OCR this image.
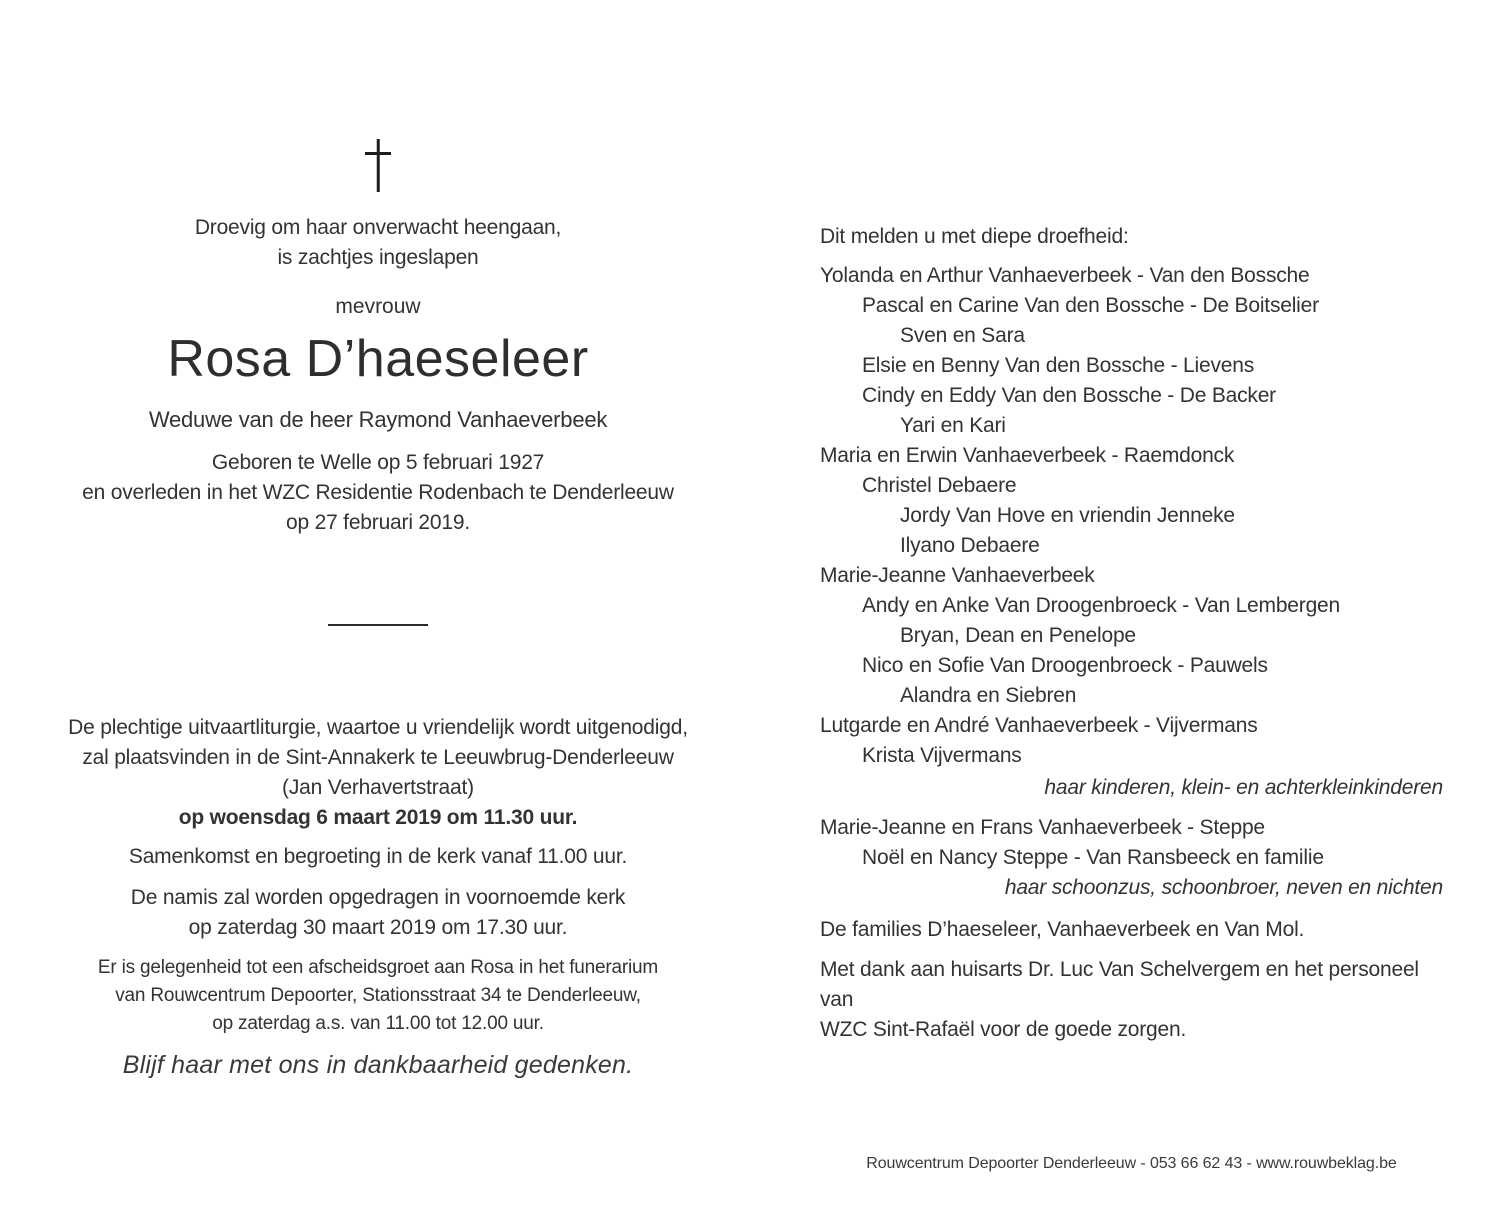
Droevig om haar onverwacht heengaan,
is zachtjes ingeslapen
mevrouw
Rosa D’haeseleer
Weduwe van de heer Raymond Vanhaeverbeek
Geboren te Welle op 5 februari 1927
en overleden in het WZC Residentie Rodenbach te Denderleeuw
op 27 februari 2019.
De plechtige uitvaartliturgie, waartoe u vriendelijk wordt uitgenodigd,
zal plaatsvinden in de Sint-Annakerk te Leeuwbrug-Denderleeuw
(Jan Verhavertstraat)
op woensdag 6 maart 2019 om 11.30 uur.
Samenkomst en begroeting in de kerk vanaf 11.00 uur.
De namis zal worden opgedragen in voornoemde kerk
op zaterdag 30 maart 2019 om 17.30 uur.
Er is gelegenheid tot een afscheidsgroet aan Rosa in het funerarium
van Rouwcentrum Depoorter, Stationsstraat 34 te Denderleeuw,
op zaterdag a.s. van 11.00 tot 12.00 uur.
Blijf haar met ons in dankbaarheid gedenken.
Dit melden u met diepe droefheid:
Yolanda en Arthur Vanhaeverbeek - Van den Bossche
Pascal en Carine Van den Bossche - De Boitselier
Sven en Sara
Elsie en Benny Van den Bossche - Lievens
Cindy en Eddy Van den Bossche - De Backer
Yari en Kari
Maria en Erwin Vanhaeverbeek - Raemdonck
Christel Debaere
Jordy Van Hove en vriendin Jenneke
Ilyano Debaere
Marie-Jeanne Vanhaeverbeek
Andy en Anke Van Droogenbroeck - Van Lembergen
Bryan, Dean en Penelope
Nico en Sofie Van Droogenbroeck - Pauwels
Alandra en Siebren
Lutgarde en André Vanhaeverbeek - Vijvermans
Krista Vijvermans
haar kinderen, klein- en achterkleinkinderen
Marie-Jeanne en Frans Vanhaeverbeek - Steppe
Noël en Nancy Steppe - Van Ransbeeck en familie
haar schoonzus, schoonbroer, neven en nichten
De families D’haeseleer, Vanhaeverbeek en Van Mol.
Met dank aan huisarts Dr. Luc Van Schelvergem en het personeel van
WZC Sint-Rafaël voor de goede zorgen.
Rouwcentrum Depoorter Denderleeuw - 053 66 62 43 - www.rouwbeklag.be
